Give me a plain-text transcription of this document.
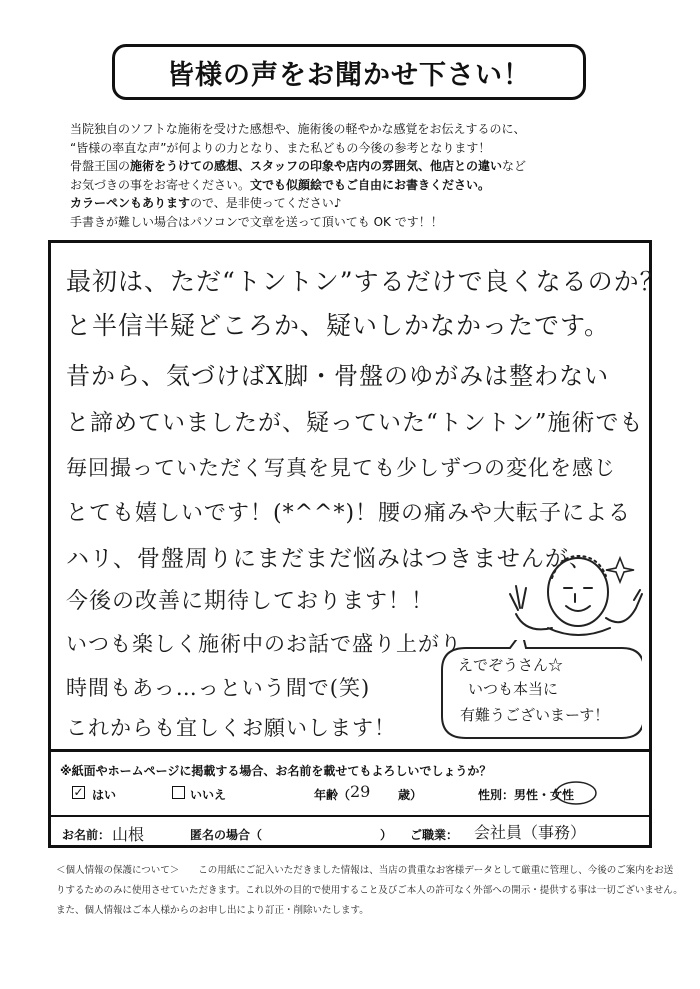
皆様の声をお聞かせ下さい！
当院独自のソフトな施術を受けた感想や、施術後の軽やかな感覚をお伝えするのに、
“皆様の率直な声”が何よりの力となり、また私どもの今後の参考となります！
骨盤王国の施術をうけての感想、スタッフの印象や店内の雰囲気、他店との違いなど
お気づきの事をお寄せください。文でも似顔絵でもご自由にお書きください。
カラーペンもありますので、是非使ってください♪
手書きが難しい場合はパソコンで文章を送って頂いても OK です！！
最初は、ただ“トントン”するだけで良くなるのか？
と半信半疑どころか、疑いしかなかったです。
昔から、気づけばX脚・骨盤のゆがみは整わない
と諦めていましたが、疑っていた“トントン”施術でも
毎回撮っていただく写真を見ても少しずつの変化を感じ
とても嬉しいです！(*^^*)！腰の痛みや大転子による
ハリ、骨盤周りにまだまだ悩みはつきませんが、
今後の改善に期待しております！！
いつも楽しく施術中のお話で盛り上がり
時間もあっ…っという間で(笑)
これからも宜しくお願いします！
えでぞうさん☆
いつも本当に
有難うございまーす！
※紙面やホームページに掲載する場合、お名前を載せてもよろしいでしょうか？
✓ はい	いいえ	年齢（ 29 歳）	性別：男性・女性
お名前： 山根	匿名の場合（	） ご職業： 会社員（事務）
＜個人情報の保護について＞　　この用紙にご記入いただきました情報は、当店の貴重なお客様データとして厳重に管理し、今後のご案内をお送
りするためのみに使用させていただきます。これ以外の目的で使用すること及びご本人の許可なく外部への開示・提供する事は一切ございません。
また、個人情報はご本人様からのお申し出により訂正・削除いたします。
